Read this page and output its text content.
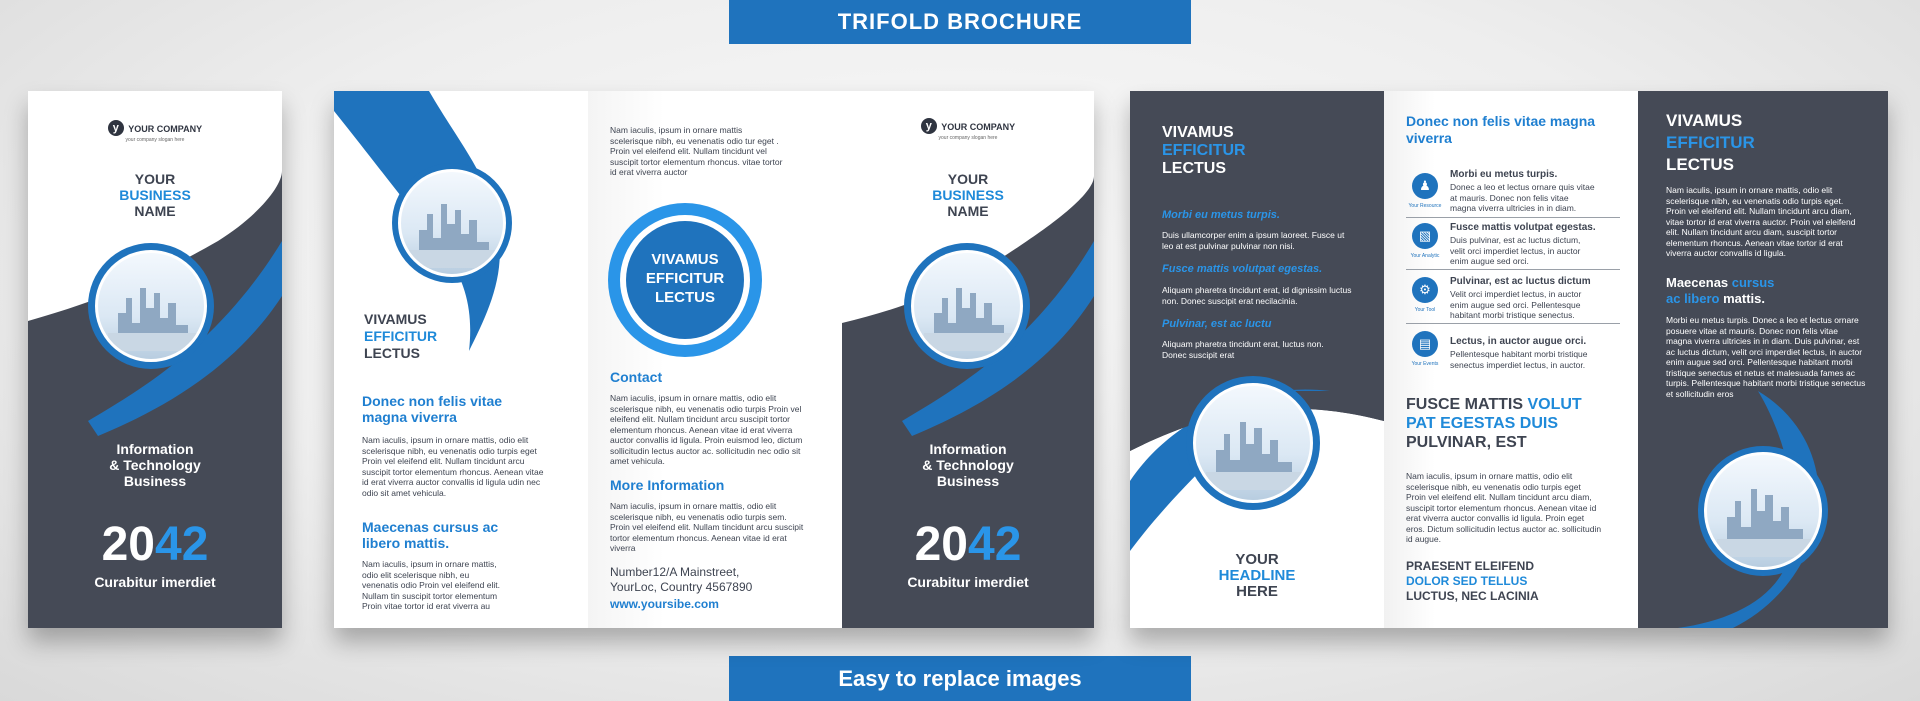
TRIFOLD BROCHURE
Easy to replace images
y YOUR COMPANY
your company slogan here
YOUR
BUSINESS
NAME
Information
& Technology
Business
2042
Curabitur imerdiet
VIVAMUS
EFFICITUR
LECTUS
Donec non felis vitae magna viverra
Nam iaculis, ipsum in ornare mattis, odio elit scelerisque nibh, eu venenatis odio turpis eget Proin vel eleifend elit. Nullam tincidunt arcu suscipit tortor elementum rhoncus. Aenean vitae id erat viverra auctor convallis id ligula udin nec odio sit amet vehicula.
Maecenas cursus ac libero mattis.
Nam iaculis, ipsum in ornare mattis, odio elit scelerisque nibh, eu venenatis odio Proin vel eleifend elit. Nullam tin suscipit tortor elementum Proin vitae tortor id erat viverra au
Nam iaculis, ipsum in ornare mattis scelerisque nibh, eu venenatis odio tur eget . Proin vel eleifend elit. Nullam tincidunt vel suscipit tortor elementum rhoncus. vitae tortor id erat viverra auctor
VIVAMUS
EFFICITUR
LECTUS
Contact
Nam iaculis, ipsum in ornare mattis, odio elit scelerisque nibh, eu venenatis odio turpis Proin vel eleifend elit. Nullam tincidunt arcu suscipit tortor elementum rhoncus. Aenean vitae id erat viverra auctor convallis id ligula. Proin euismod leo, dictum sollicitudin lectus auctor ac. sollicitudin nec odio sit amet vehicula.
More Information
Nam iaculis, ipsum in ornare mattis, odio elit scelerisque nibh, eu venenatis odio turpis sem. Proin vel eleifend elit. Nullam tincidunt arcu suscipit tortor elementum rhoncus. Aenean vitae id erat viverra
Number12/A Mainstreet,
YourLoc, Country 4567890
www.yoursibe.com
y YOUR COMPANY
your company slogan here
YOUR
BUSINESS
NAME
Information
& Technology
Business
2042
Curabitur imerdiet
VIVAMUS
EFFICITUR
LECTUS
Morbi eu metus turpis.
Duis ullamcorper enim a ipsum laoreet. Fusce ut leo at est pulvinar pulvinar non nisi.
Fusce mattis volutpat egestas.
Aliquam pharetra tincidunt erat, id dignissim luctus non. Donec suscipit erat necilacinia.
Pulvinar, est ac luctu
Aliquam pharetra tincidunt erat, luctus non. Donec suscipit erat
YOUR
HEADLINE
HERE
Donec non felis vitae magna viverra
♟
Your Resource
Morbi eu metus turpis.
Donec a leo et lectus ornare quis vitae at mauris. Donec non felis vitae magna viverra ultricies in in diam.
▧
Your Analytic
Fusce mattis volutpat egestas.
Duis pulvinar, est ac luctus dictum, velit orci imperdiet lectus, in auctor enim augue sed orci.
⚙
Your Tool
Pulvinar, est ac luctus dictum
Velit orci imperdiet lectus, in auctor enim augue sed orci. Pellentesque habitant morbi tristique senectus.
▤
Your Events
Lectus, in auctor augue orci.
Pellentesque habitant morbi tristique senectus imperdiet lectus, in auctor.
FUSCE MATTIS VOLUT
PAT EGESTAS DUIS
PULVINAR, EST
Nam iaculis, ipsum in ornare mattis, odio elit scelerisque nibh, eu venenatis odio turpis eget Proin vel eleifend elit. Nullam tincidunt arcu diam, suscipit tortor elementum rhoncus. Aenean vitae id erat viverra auctor convallis id ligula. Proin eget eros. Dictum sollicitudin lectus auctor ac. sollicitudin id augue.
PRAESENT ELEIFEND
DOLOR SED TELLUS
LUCTUS, NEC LACINIA
VIVAMUS
EFFICITUR
LECTUS
Nam iaculis, ipsum in ornare mattis, odio elit scelerisque nibh, eu venenatis odio turpis eget. Proin vel eleifend elit. Nullam tincidunt arcu diam, vitae tortor id erat viverra auctor. Proin vel eleifend elit. Nullam tincidunt arcu diam, suscipit tortor elementum rhoncus. Aenean vitae tortor id erat viverra auctor convallis id ligula.
Maecenas cursus
ac libero mattis.
Morbi eu metus turpis. Donec a leo et lectus ornare posuere vitae at mauris. Donec non felis vitae magna viverra ultricies in in diam. Duis pulvinar, est ac luctus dictum, velit orci imperdiet lectus, in auctor enim augue sed orci. Pellentesque habitant morbi tristique senectus et netus et malesuada fames ac turpis. Pellentesque habitant morbi tristique senectus et sollicitudin eros
